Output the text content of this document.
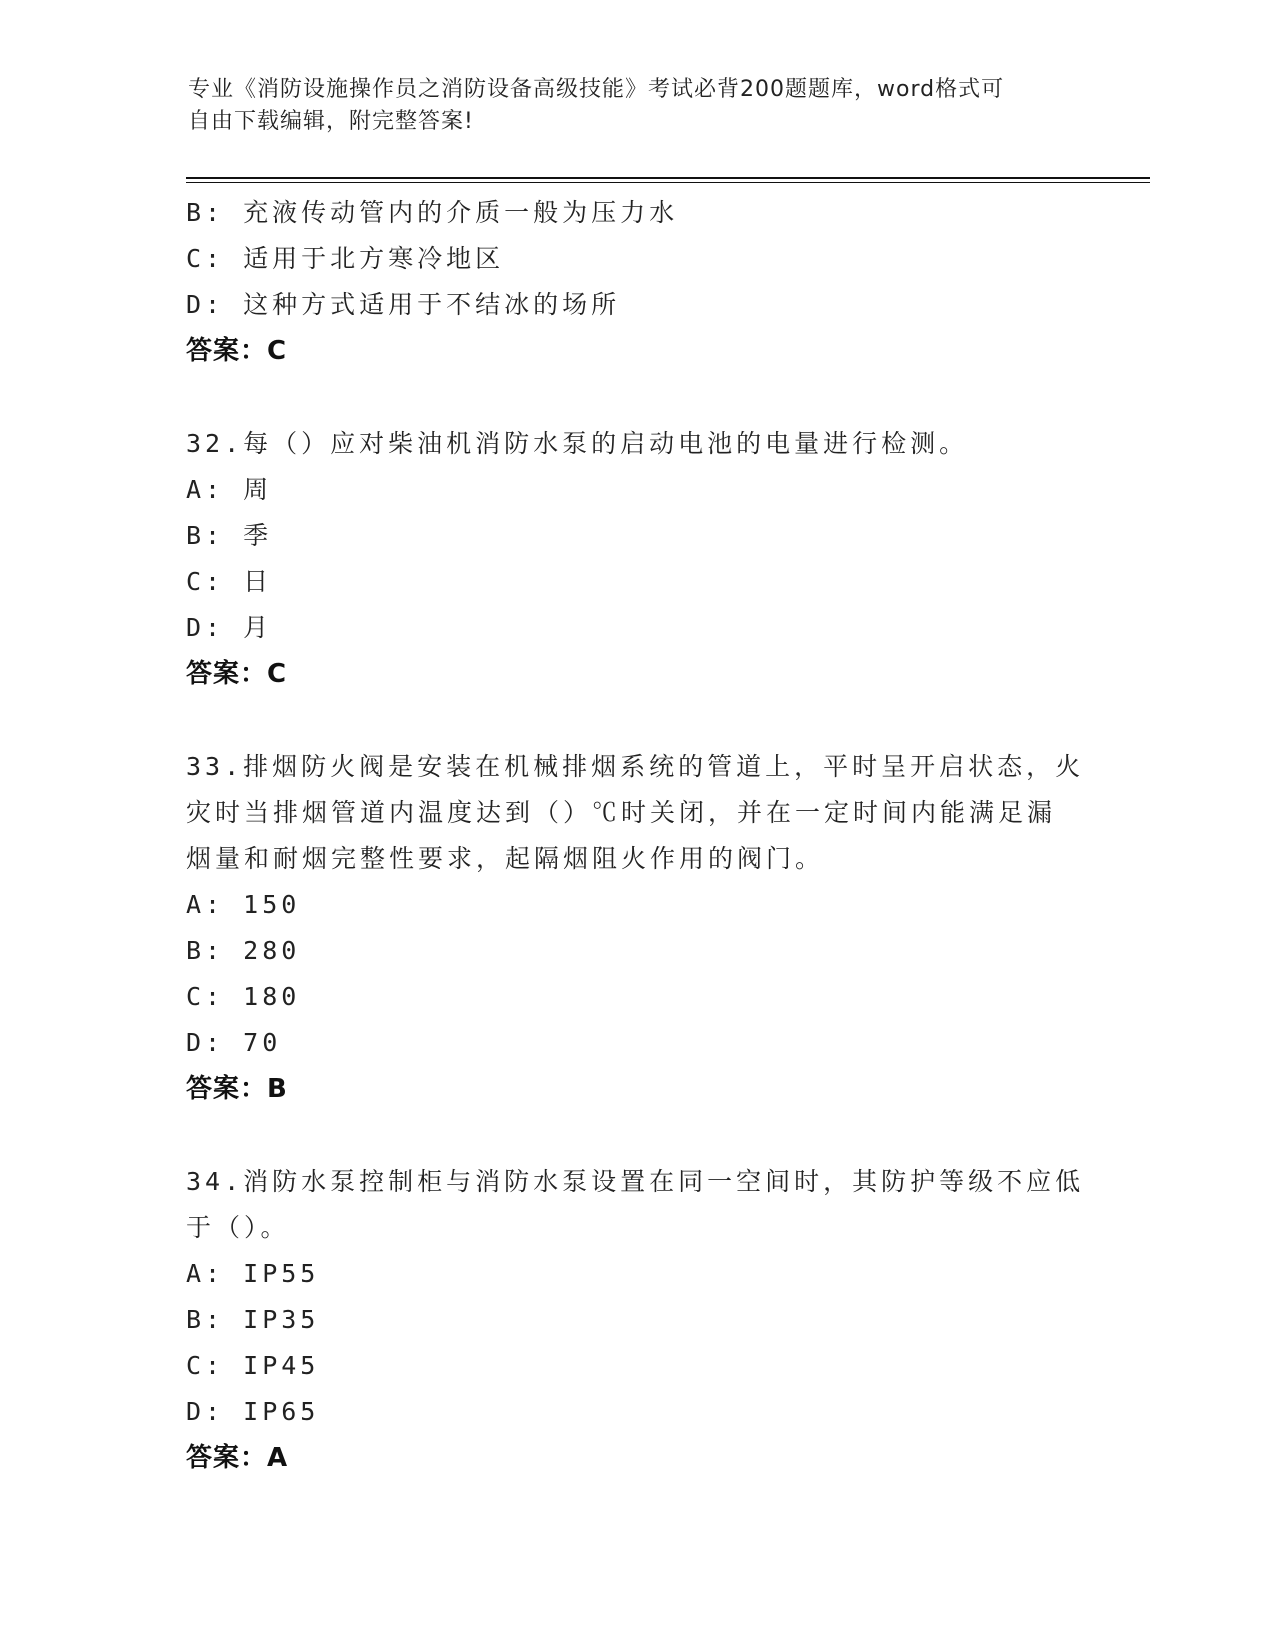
专业《消防设施操作员之消防设备高级技能》考试必背200题题库，word格式可
自由下载编辑，附完整答案!
B: 充液传动管内的介质一般为压力水
C: 适用于北方寒冷地区
D: 这种方式适用于不结冰的场所
答案：C
32.每（）应对柴油机消防水泵的启动电池的电量进行检测。
A: 周
B: 季
C: 日
D: 月
答案：C
33.排烟防火阀是安装在机械排烟系统的管道上，平时呈开启状态，火
灾时当排烟管道内温度达到（）℃时关闭，并在一定时间内能满足漏
烟量和耐烟完整性要求，起隔烟阻火作用的阀门。
A: 150
B: 280
C: 180
D: 70
答案：B
34.消防水泵控制柜与消防水泵设置在同一空间时，其防护等级不应低
于（）。
A: IP55
B: IP35
C: IP45
D: IP65
答案：A
